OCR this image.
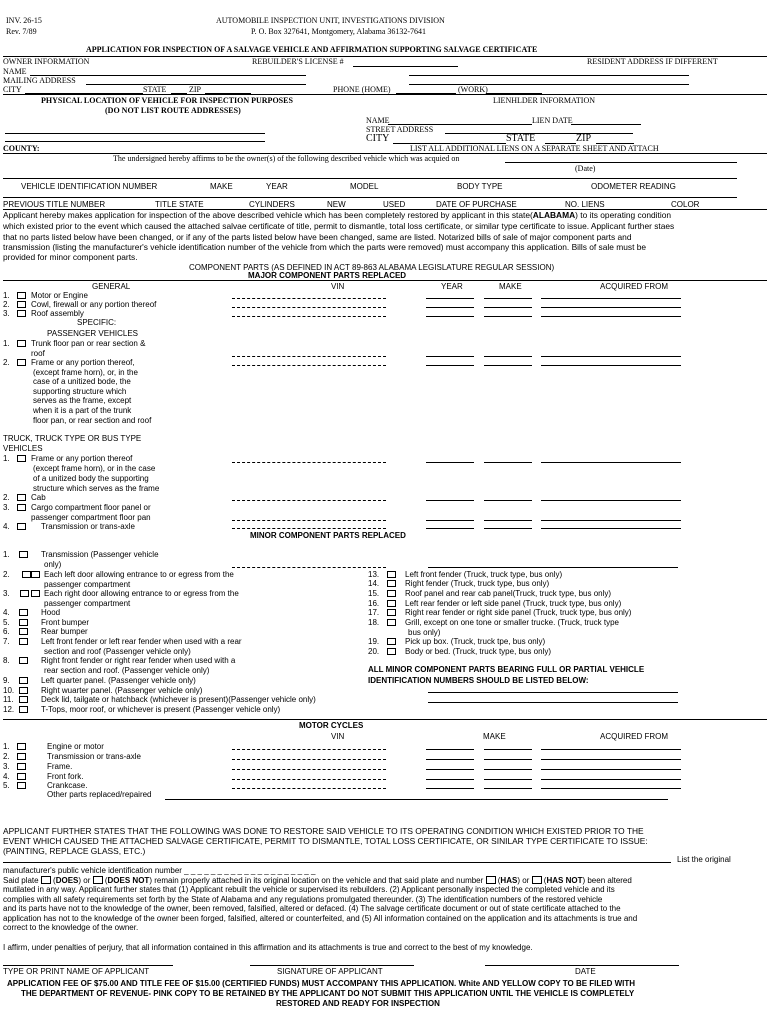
INV. 26-15
Rev. 7/89
AUTOMOBILE INSPECTION UNIT, INVESTIGATIONS DIVISION
P. O. Box 327641, Montgomery, Alabama 36132-7641
APPLICATION FOR INSPECTION OF A SALVAGE VEHICLE AND AFFIRMATION SUPPORTING SALVAGE CERTIFICATE
OWNER INFORMATION	REBUILDER'S LICENSE #	RESIDENT ADDRESS IF DIFFERENT
NAME
MAILING ADDRESS
CITY	STATE	ZIP	PHONE (HOME)	(WORK)
PHYSICAL LOCATION OF VEHICLE FOR INSPECTION PURPOSES
(DO NOT LIST ROUTE ADDRESSES)
LIENHLDER INFORMATION
NAME	LIEN DATE
STREET ADDRESS
CITY	STATE	ZIP
COUNTY:	LIST ALL ADDITIONAL LIENS ON A SEPARATE SHEET AND ATTACH
The undersigned hereby affirms to be the owner(s) of the following described vehicle which was acquied on
(Date)
VEHICLE IDENTIFICATION NUMBER	MAKE	YEAR	MODEL	BODY TYPE	ODOMETER READING
PREVIOUS TITLE NUMBER	TITLE STATE	CYLINDERS	NEW	USED	DATE OF PURCHASE	NO. LIENS	COLOR
Applicant hereby makes application for inspection of the above described vehicle which has been completely restored by applicant in this state(ALABAMA) to its operating condition
which existed prior to the event which caused the attached salvae certificate of title, permit to dismantle, total loss certificate, or similar type certificate to issue. Applicant further staes
that no parts listed below have been changed, or if any of the parts listed below have been changed, same are listed. Notarized bills of sale of major component parts and
transmission (listing the manufacturer's vehicle identification number of the vehicle from which the parts were removed) must accompany this application. Bills of sale must be
provided for minor component parts.
COMPONENT PARTS (AS DEFINED IN ACT 89-863 ALABAMA LEGISLATURE REGULAR SESSION)
MAJOR COMPONENT PARTS REPLACED
GENERAL	VIN	YEAR	MAKE	ACQUIRED FROM
1.	Motor or Engine
2.	Cowl, firewall or any portion thereof
3.	Roof assembly
SPECIFIC:
PASSENGER VEHICLES
1.	Trunk floor pan or rear section &
roof
2.	Frame or any portion thereof,
(except frame horn), or, in the
case of a unitized bode, the
supporting structure which
serves as the frame, except
when it is a part of the trunk
floor pan, or rear section and roof
TRUCK, TRUCK TYPE OR BUS TYPE
VEHICLES
1.	Frame or any portion thereof
(except frame horn), or in the case
of a unitized body the supporting
structure which serves as the frame
2.	Cab
3.	Cargo compartment floor panel or
passenger compartment floor pan
4.	Transmission or trans-axle
MINOR COMPONENT PARTS REPLACED
1.	Transmission (Passenger vehicle
only)
2.	Each left door allowing entrance to or egress from the
passenger compartment
3.	Each right door allowing entrance to or egress from the
passenger compartment
4.	Hood
5.	Front bumper
6.	Rear bumper
7.	Left front fender or left rear fender when used with a rear
section and roof (Passenger vehicle only)
8.	Right front fender or right rear fender when used with a
rear section and roof. (Passenger vehicle only)
9.	Left quarter panel. (Passenger vehicle only)
10.	Right wuarter panel. (Passenger vehicle only)
11.	Deck lid, tailgate or hatchback (whichever is present)(Passenger vehicle only)
12.	T-Tops, moor roof, or whichever is present (Passenger vehicle only)
13.	Left front fender (Truck, truck type, bus only)
14.	Right fender (Truck, truck type, bus only)
15.	Roof panel and rear cab panel(Truck, truck type, bus only)
16.	Left rear fender or left side panel (Truck, truck type, bus only)
17.	Right rear fender or right side panel (Truck, truck type, bus only)
18.	Grill, except on one tone or smaller trucke. (Truck, truck type
bus only)
19.	Pick up box. (Truck, truck tpe, bus only)
20.	Body or bed. (Truck, truck type, bus only)
ALL MINOR COMPONENT PARTS BEARING FULL OR PARTIAL VEHICLE
IDENTIFICATION NUMBERS SHOULD BE LISTED BELOW:
MOTOR CYCLES
VIN	MAKE	ACQUIRED FROM
1.	Engine or motor
2.	Transmission or trans-axle
3.	Frame.
4.	Front fork.
5.	Crankcase.
Other parts replaced/repaired
APPLICANT FURTHER STATES THAT THE FOLLOWING WAS DONE TO RESTORE SAID VEHICLE TO ITS OPERATING CONDITION WHICH EXISTED PRIOR TO THE
EVENT WHICH CAUSED THE ATTACHED SALVAGE CERTIFICATE, PERMIT TO DISMANTLE, TOTAL LOSS CERTIFICATE, OR SINILAR TYPE CERTIFICATE TO ISSUE:
(PAINTING, REPLACE GLASS, ETC.)
List the original
manufacturer's public vehicle identification number _ _ _ _ _ _ _ _ _ _ _ _ _ _ _ _ _ _ _ _
Said plate  (DOES) or  (DOES NOT) remain properly attached in its original location on the vehicle and that said plate and number  (HAS) or  (HAS NOT) been altered
mutilated in any way. Applicant further states that (1) Applicant rebuilt the vehicle or supervised its rebuilders. (2) Applicant personally inspected the completed vehicle and its
complies with all safety requirements set forth by the State of Alabama and any regulations promulgated thereunder. (3) The identification numbers of the restored vehicle
and its parts have not to the knowledge of the owner, been removed, falsified, altered or defaced. (4) The salvage certificate document or out of state certificate attached to the
application has not to the knowledge of the owner been forged, falsified, altered or counterfeited, and (5) All information contained on the application and its attachments is true and
correct to the knowledge of the owner.
I affirm, under penalties of perjury, that all information contained in this affirmation and its attachments is true and correct to the best of my knowledge.
TYPE OR PRINT NAME OF APPLICANT	SIGNATURE OF APPLICANT	DATE
APPLICATION FEE OF $75.00 AND TITLE FEE OF $15.00 (CERTIFIED FUNDS) MUST ACCOMPANY THIS APPLICATION. White AND YELLOW COPY TO BE FILED WITH
THE DEPARTMENT OF REVENUE- PINK COPY TO BE RETAINED BY THE APPLICANT DO NOT SUBMIT THIS APPLICATION UNTIL THE VEHICLE IS COMPLETELY
RESTORED AND READY FOR INSPECTION
